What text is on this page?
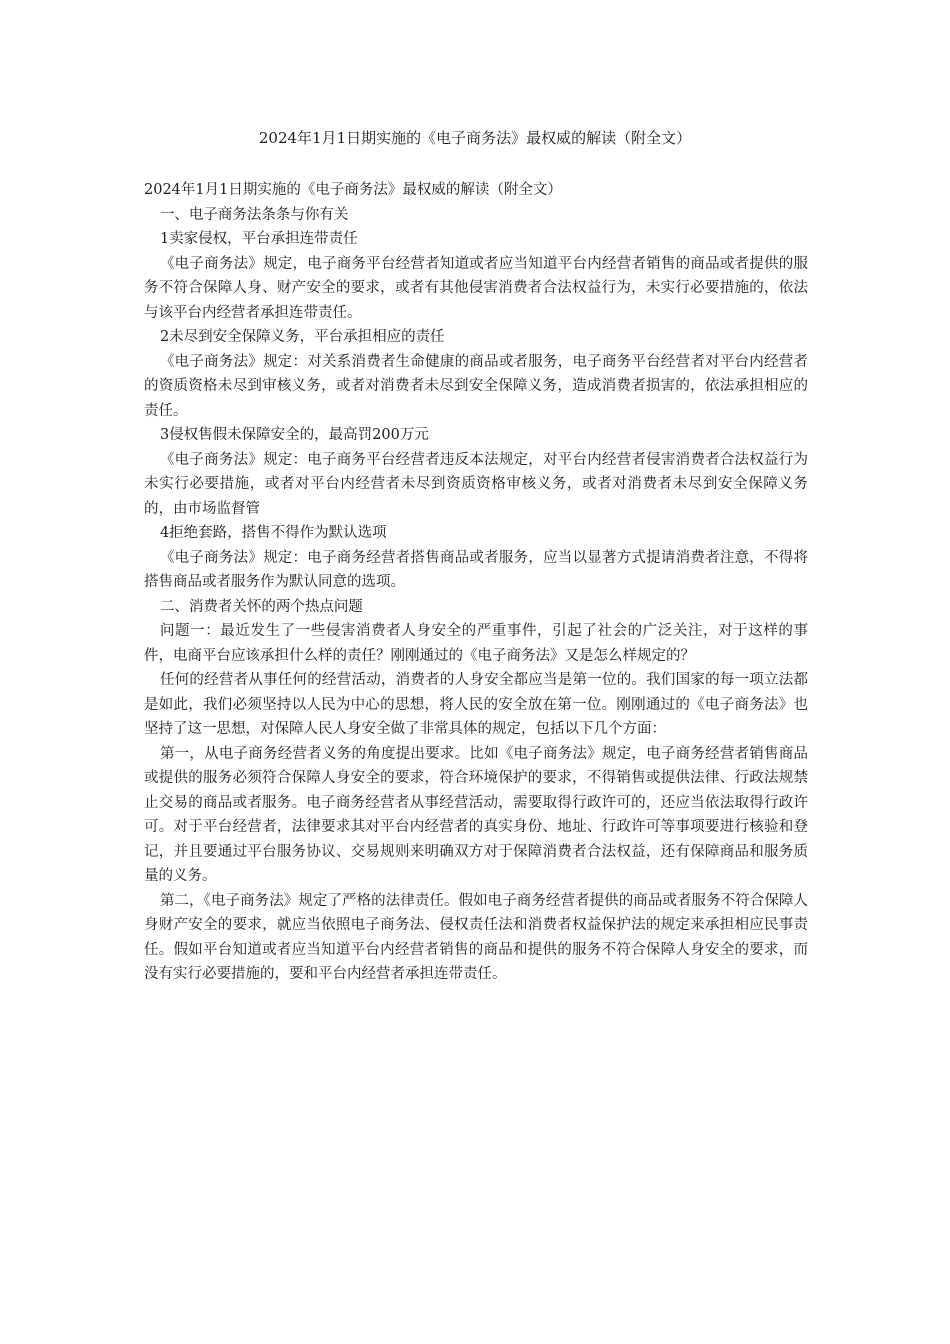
2024年1月1日期实施的《电子商务法》最权威的解读（附全文）

2024年1月1日期实施的《电子商务法》最权威的解读（附全文）

一、电子商务法条条与你有关

1卖家侵权，平台承担连带责任

《电子商务法》规定，电子商务平台经营者知道或者应当知道平台内经营者销售的商品或者提供的服务不符合保障人身、财产安全的要求，或者有其他侵害消费者合法权益行为，未实行必要措施的，依法与该平台内经营者承担连带责任。

2未尽到安全保障义务，平台承担相应的责任

《电子商务法》规定：对关系消费者生命健康的商品或者服务，电子商务平台经营者对平台内经营者的资质资格未尽到审核义务，或者对消费者未尽到安全保障义务，造成消费者损害的，依法承担相应的责任。

3侵权售假未保障安全的，最高罚200万元

《电子商务法》规定：电子商务平台经营者违反本法规定，对平台内经营者侵害消费者合法权益行为未实行必要措施，或者对平台内经营者未尽到资质资格审核义务，或者对消费者未尽到安全保障义务的，由市场监督管

4拒绝套路，搭售不得作为默认选项

《电子商务法》规定：电子商务经营者搭售商品或者服务，应当以显著方式提请消费者注意，不得将搭售商品或者服务作为默认同意的选项。

二、消费者关怀的两个热点问题

问题一：最近发生了一些侵害消费者人身安全的严重事件，引起了社会的广泛关注，对于这样的事件，电商平台应该承担什么样的责任？刚刚通过的《电子商务法》又是怎么样规定的？

任何的经营者从事任何的经营活动，消费者的人身安全都应当是第一位的。我们国家的每一项立法都是如此，我们必须坚持以人民为中心的思想，将人民的安全放在第一位。刚刚通过的《电子商务法》也坚持了这一思想，对保障人民人身安全做了非常具体的规定，包括以下几个方面：

第一，从电子商务经营者义务的角度提出要求。比如《电子商务法》规定，电子商务经营者销售商品或提供的服务必须符合保障人身安全的要求，符合环境保护的要求，不得销售或提供法律、行政法规禁止交易的商品或者服务。电子商务经营者从事经营活动，需要取得行政许可的，还应当依法取得行政许可。对于平台经营者，法律要求其对平台内经营者的真实身份、地址、行政许可等事项要进行核验和登记，并且要通过平台服务协议、交易规则来明确双方对于保障消费者合法权益，还有保障商品和服务质量的义务。

第二，《电子商务法》规定了严格的法律责任。假如电子商务经营者提供的商品或者服务不符合保障人身财产安全的要求，就应当依照电子商务法、侵权责任法和消费者权益保护法的规定来承担相应民事责任。假如平台知道或者应当知道平台内经营者销售的商品和提供的服务不符合保障人身安全的要求，而没有实行必要措施的，要和平台内经营者承担连带责任。
